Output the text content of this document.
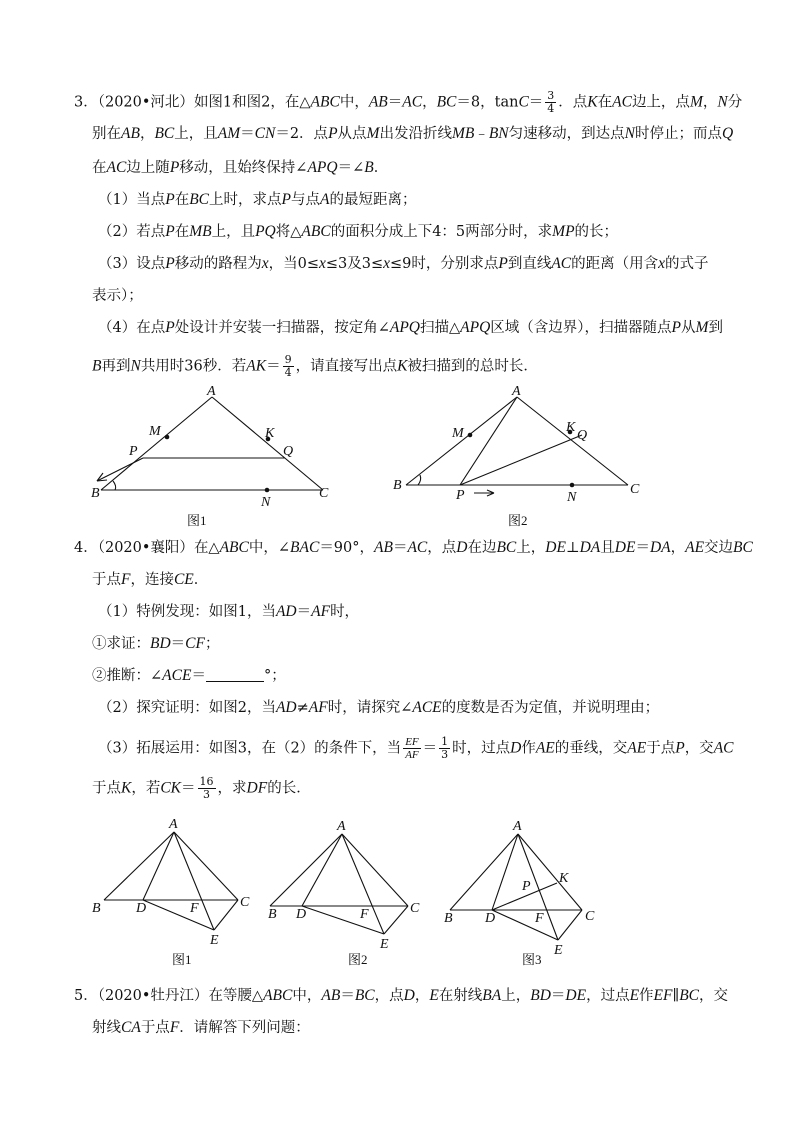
3．（2020•河北）如图1和图2，在△ABC中，AB＝AC，BC＝8，$\tan C= \frac{3}{4}$ ．点K在AC边上，点M，N分
别在AB，BC上，且AM＝CN＝2．点P从点M出发沿折线MB﹣BN匀速移动，到达点N时停止；而点Q
在AC边上随P移动，且始终保持∠APQ＝∠B．
（1）当点P在BC上时，求点P与点A的最短距离；
（2）若点P在MB上，且PQ将△ABC的面积分成上下4：5两部分时，求MP的长；
（3）设点P移动的路程为x，当0≤x≤3及3≤x≤9时，分别求点P到直线AC的距离（用含x的式子
表示）；
（4）在点P处设计并安装一扫描器，按定角∠APQ扫描△APQ区域（含边界），扫描器随点P从M到
B再到N共用时36秒．若$AK= \frac{9}{4}$ ，请直接写出点K被扫描到的总时长．
A
M	K
Q
P
B	C
N
图1
A
M	K
Q
B
P	N
C
图2
4．（2020•襄阳）在△ABC中，∠BAC＝90°，AB＝AC，点D在边BC上，DE⊥DA且DE＝DA，AE交边BC
于点F，连接CE．
（1）特例发现：如图1，当AD＝AF时，
①求证：BD＝CF；
②推断：∠ACE＝	°；
（2）探究证明：如图2，当AD≠AF时，请探究∠ACE的度数是否为定值，并说明理由；
（3）拓展运用：如图3，在（2）的条件下，当 $\frac{EF}{AF} = \frac{1}{3}$ 时，过点D作AE的垂线，交AE于点P，交AC
于点K，若$CK= \frac{16}{3}$ ，求DF的长．
A
B	D	F	C
E
图1
A
B D	F	C
E
图2
A
P
K
B D	F	C
E
图3
5．（2020•牡丹江）在等腰△ABC中，AB＝BC，点D，E在射线BA上，BD＝DE，过点E作EF∥BC，交
射线CA于点F．请解答下列问题：
